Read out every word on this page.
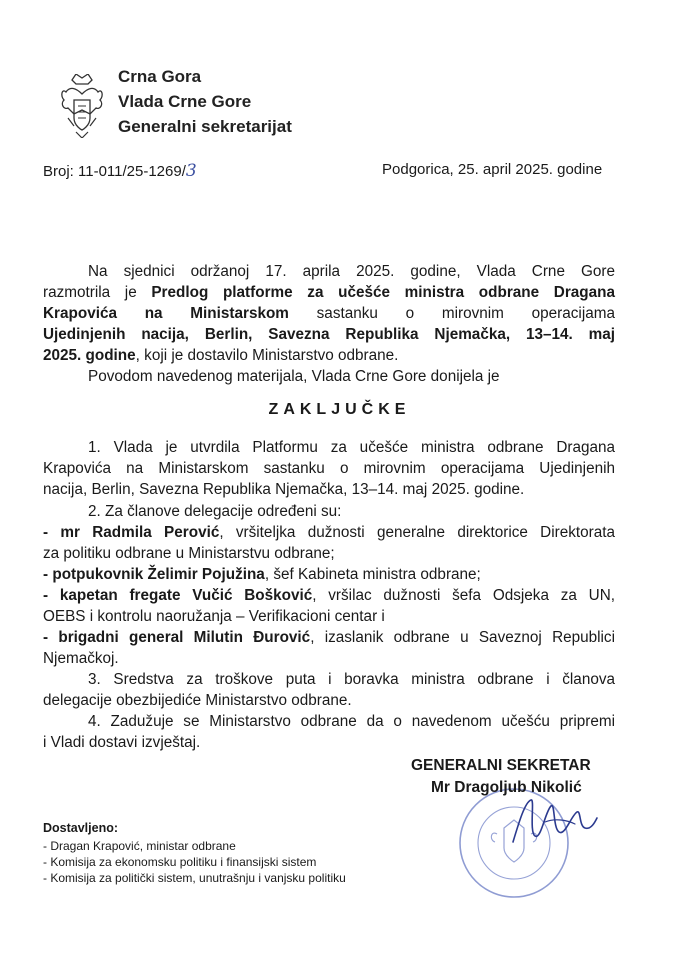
Crna Gora
Vlada Crne Gore
Generalni sekretarijat
Broj: 11-011/25-1269/3	Podgorica, 25. april 2025. godine
Na sjednici održanoj 17. aprila 2025. godine, Vlada Crne Gore
razmotrila je Predlog platforme za učešće ministra odbrane Dragana
Krapovića na Ministarskom sastanku o mirovnim operacijama
Ujedinjenih nacija, Berlin, Savezna Republika Njemačka, 13–14. maj
2025. godine, koji je dostavilo Ministarstvo odbrane.
Povodom navedenog materijala, Vlada Crne Gore donijela je
ZAKLJUČKE
1. Vlada je utvrdila Platformu za učešće ministra odbrane Dragana
Krapovića na Ministarskom sastanku o mirovnim operacijama Ujedinjenih
nacija, Berlin, Savezna Republika Njemačka, 13–14. maj 2025. godine.
2. Za članove delegacije određeni su:
- mr Radmila Perović, vršiteljka dužnosti generalne direktorice Direktorata
za politiku odbrane u Ministarstvu odbrane;
- potpukovnik Želimir Pojužina, šef Kabineta ministra odbrane;
- kapetan fregate Vučić Bošković, vršilac dužnosti šefa Odsjeka za UN,
OEBS i kontrolu naoružanja – Verifikacioni centar i
- brigadni general Milutin Đurović, izaslanik odbrane u Saveznoj Republici
Njemačkoj.
3. Sredstva za troškove puta i boravka ministra odbrane i članova
delegacije obezbijediće Ministarstvo odbrane.
4. Zadužuje se Ministarstvo odbrane da o navedenom učešću pripremi
i Vladi dostavi izvještaj.
GENERALNI SEKRETAR
Mr Dragoljub Nikolić
Dostavljeno:
- Dragan Krapović, ministar odbrane
- Komisija za ekonomsku politiku i finansijski sistem
- Komisija za politički sistem, unutrašnju i vanjsku politiku
